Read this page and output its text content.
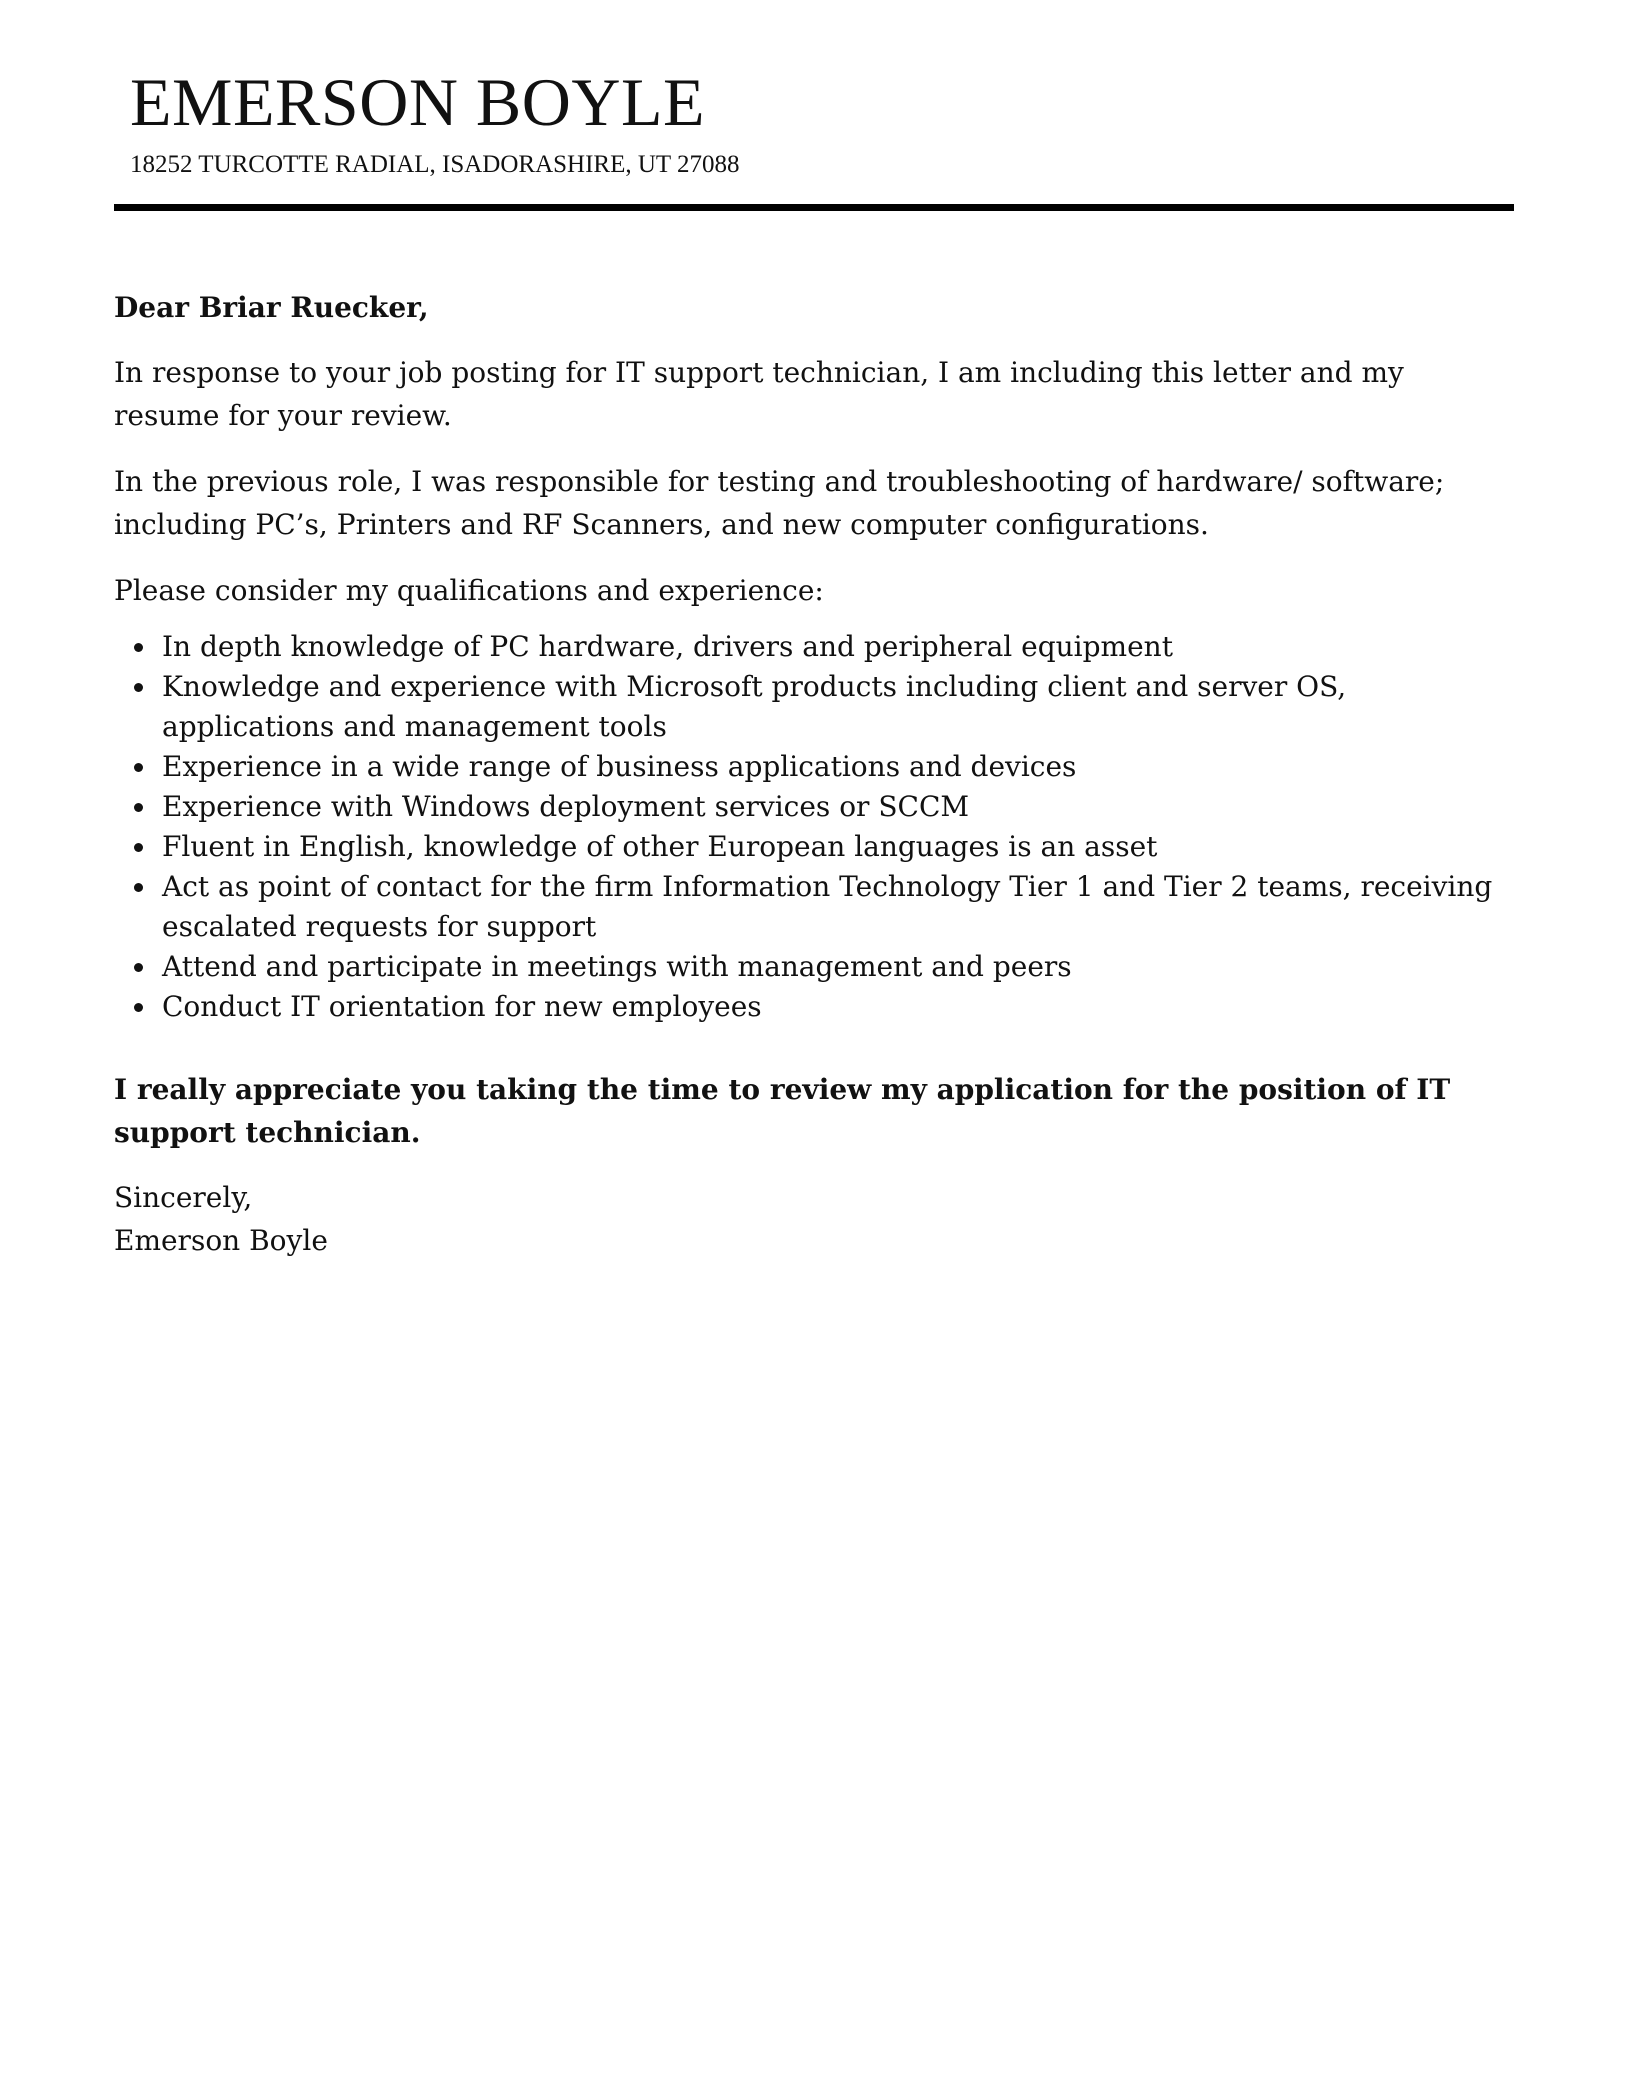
EMERSON BOYLE
18252 TURCOTTE RADIAL, ISADORASHIRE, UT 27088

Dear Briar Ruecker,

In response to your job posting for IT support technician, I am including this letter and my resume for your review.

In the previous role, I was responsible for testing and troubleshooting of hardware/ software; including PC’s, Printers and RF Scanners, and new computer configurations.

Please consider my qualifications and experience:

In depth knowledge of PC hardware, drivers and peripheral equipment
Knowledge and experience with Microsoft products including client and server OS, applications and management tools
Experience in a wide range of business applications and devices
Experience with Windows deployment services or SCCM
Fluent in English, knowledge of other European languages is an asset
Act as point of contact for the firm Information Technology Tier 1 and Tier 2 teams, receiving escalated requests for support
Attend and participate in meetings with management and peers
Conduct IT orientation for new employees

I really appreciate you taking the time to review my application for the position of IT support technician.

Sincerely,

Emerson Boyle
